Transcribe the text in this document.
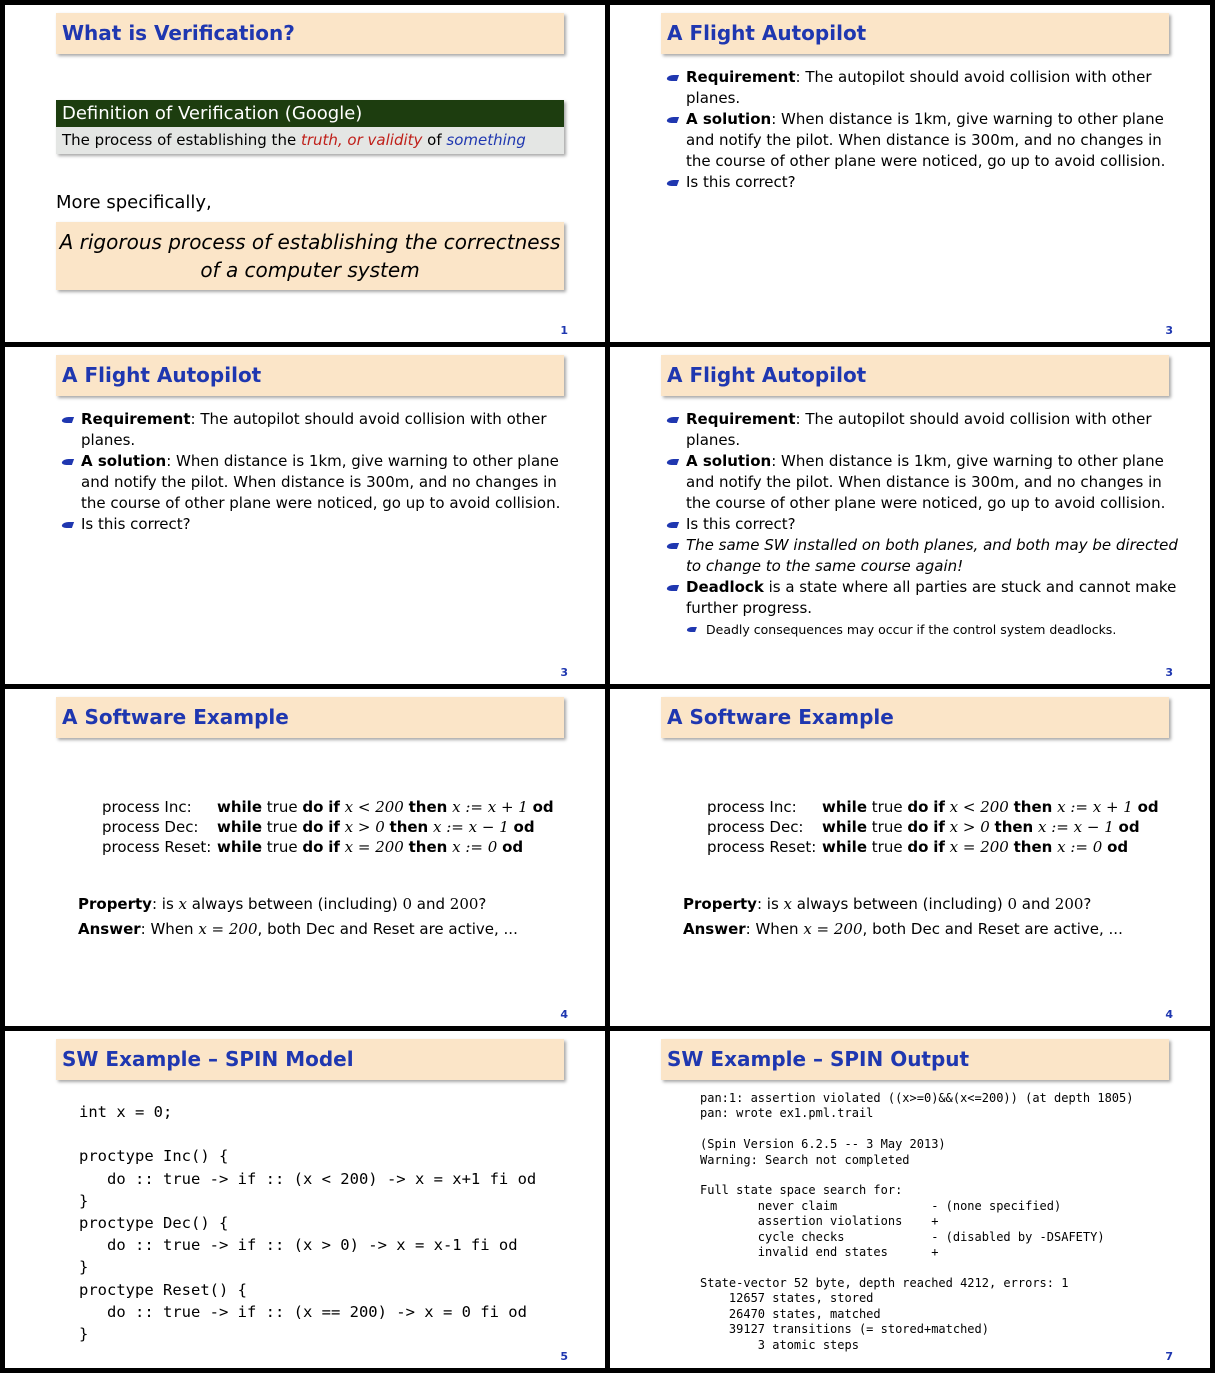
What is Verification?
Definition of Verification (Google)
The process of establishing the truth, or validity of something
More specifically,
A rigorous process of establishing the correctness of a computer system
1
A Flight Autopilot
Requirement: The autopilot should avoid collision with other planes.
A solution: When distance is 1km, give warning to other plane and notify the pilot. When distance is 300m, and no changes in the course of other plane were noticed, go up to avoid collision.
Is this correct?
3
A Flight Autopilot
Requirement: The autopilot should avoid collision with other planes.
A solution: When distance is 1km, give warning to other plane and notify the pilot. When distance is 300m, and no changes in the course of other plane were noticed, go up to avoid collision.
Is this correct?
3
A Flight Autopilot
Requirement: The autopilot should avoid collision with other planes.
A solution: When distance is 1km, give warning to other plane and notify the pilot. When distance is 300m, and no changes in the course of other plane were noticed, go up to avoid collision.
Is this correct?
The same SW installed on both planes, and both may be directed to change to the same course again!
Deadlock is a state where all parties are stuck and cannot make further progress.
Deadly consequences may occur if the control system deadlocks.
3
A Software Example
process Inc:	while true do if x < 200 then x := x + 1 od
process Dec:	while true do if x > 0 then x := x − 1 od
process Reset:	while true do if x = 200 then x := 0 od
Property: is x always between (including) 0 and 200?
Answer: When x = 200, both Dec and Reset are active, ...
4
A Software Example
process Inc:	while true do if x < 200 then x := x + 1 od
process Dec:	while true do if x > 0 then x := x − 1 od
process Reset:	while true do if x = 200 then x := 0 od
Property: is x always between (including) 0 and 200?
Answer: When x = 200, both Dec and Reset are active, ...
4
SW Example – SPIN Model
int x = 0;

proctype Inc() {
do :: true -> if :: (x < 200) -> x = x+1 fi od
}
proctype Dec() {
do :: true -> if :: (x > 0) -> x = x-1 fi od
}
proctype Reset() {
do :: true -> if :: (x == 200) -> x = 0 fi od
}
5
SW Example – SPIN Output
pan:1: assertion violated ((x>=0)&&(x<=200)) (at depth 1805)
pan: wrote ex1.pml.trail

(Spin Version 6.2.5 -- 3 May 2013)
Warning: Search not completed

Full state space search for:
never claim             - (none specified)
assertion violations    +
cycle checks            - (disabled by -DSAFETY)
invalid end states      +

State-vector 52 byte, depth reached 4212, errors: 1
12657 states, stored
26470 states, matched
39127 transitions (= stored+matched)
3 atomic steps
7
